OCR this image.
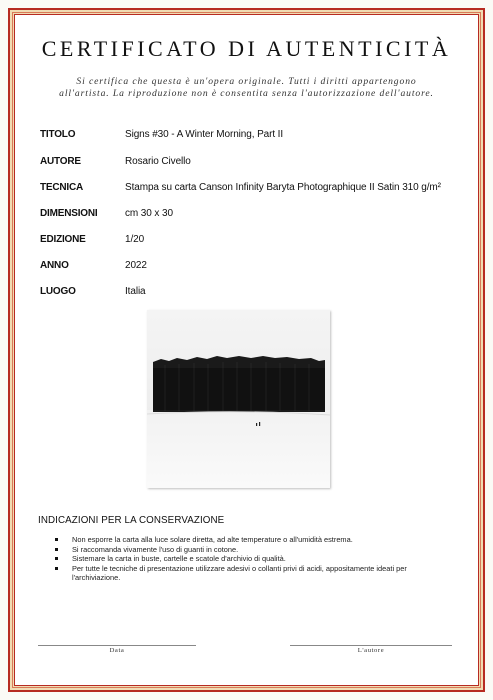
CERTIFICATO DI AUTENTICITÀ
Si certifica che questa è un'opera originale. Tutti i diritti appartengono
all'artista. La riproduzione non è consentita senza l'autorizzazione dell'autore.
TITOLO	Signs #30 - A Winter Morning, Part II
AUTORE	Rosario Civello
TECNICA	Stampa su carta Canson Infinity Baryta Photographique II Satin 310 g/m²
DIMENSIONI	cm 30 x 30
EDIZIONE	1/20
ANNO	2022
LUOGO	Italia
INDICAZIONI PER LA CONSERVAZIONE
Non esporre la carta alla luce solare diretta, ad alte temperature o all'umidità estrema.
Si raccomanda vivamente l'uso di guanti in cotone.
Sistemare la carta in buste, cartelle e scatole d'archivio di qualità.
Per tutte le tecniche di presentazione utilizzare adesivi o collanti privi di acidi, appositamente ideati per
l'archiviazione.
Data	L'autore
